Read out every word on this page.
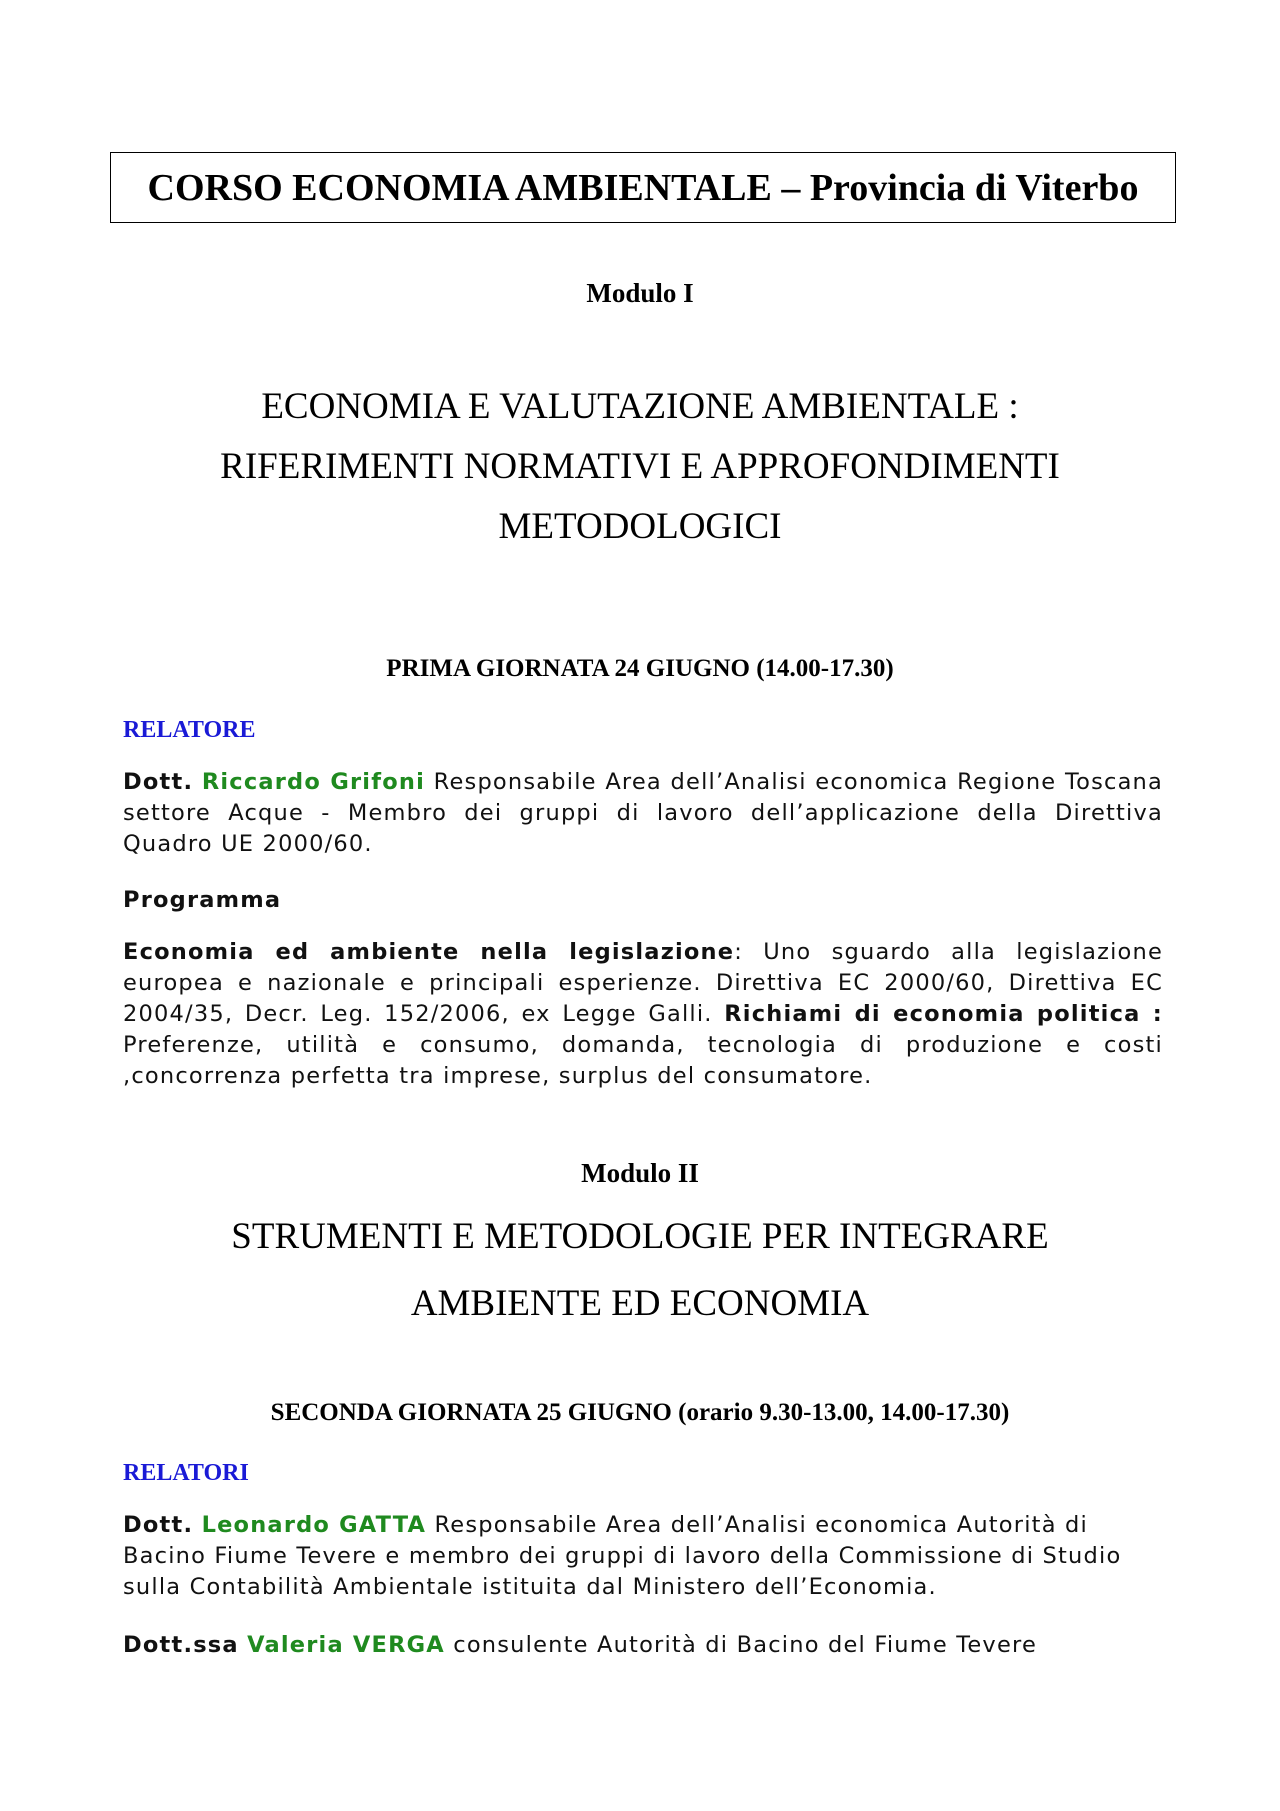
CORSO ECONOMIA AMBIENTALE – Provincia di Viterbo
Modulo I
ECONOMIA E VALUTAZIONE AMBIENTALE :
RIFERIMENTI NORMATIVI E APPROFONDIMENTI
METODOLOGICI
PRIMA GIORNATA 24 GIUGNO (14.00-17.30)
RELATORE
Dott. Riccardo Grifoni Responsabile Area dell’Analisi economica Regione Toscana settore Acque - Membro dei gruppi di lavoro dell’applicazione della Direttiva Quadro UE 2000/60.
Programma
Economia ed ambiente nella legislazione: Uno sguardo alla legislazione europea e nazionale e principali esperienze. Direttiva EC 2000/60, Direttiva EC 2004/35, Decr. Leg. 152/2006, ex Legge Galli. Richiami di economia politica : Preferenze, utilità e consumo, domanda, tecnologia di produzione e costi ,concorrenza perfetta tra imprese, surplus del consumatore.
Modulo II
STRUMENTI E METODOLOGIE PER INTEGRARE
AMBIENTE ED ECONOMIA
SECONDA GIORNATA 25 GIUGNO (orario 9.30-13.00, 14.00-17.30)
RELATORI
Dott. Leonardo GATTA Responsabile Area dell’Analisi economica Autorità di Bacino Fiume Tevere e membro dei gruppi di lavoro della Commissione di Studio sulla Contabilità Ambientale istituita dal Ministero dell’Economia.
Dott.ssa Valeria VERGA consulente Autorità di Bacino del Fiume Tevere
